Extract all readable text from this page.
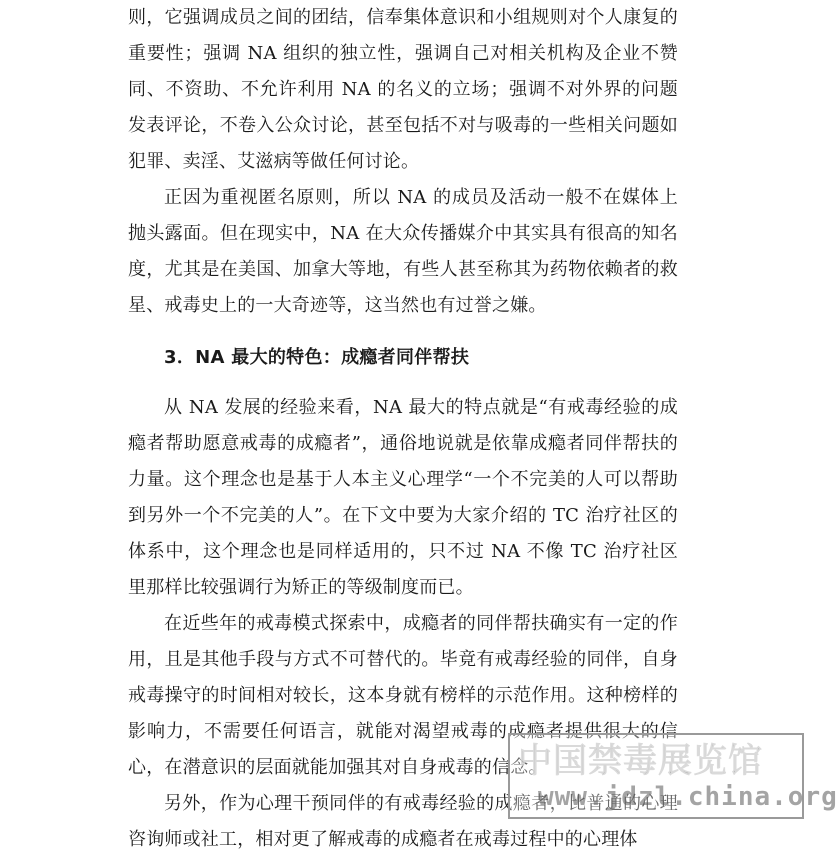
则，它强调成员之间的团结，信奉集体意识和小组规则对个人康复的重要性；强调 NA 组织的独立性，强调自己对相关机构及企业不赞同、不资助、不允许利用 NA 的名义的立场；强调不对外界的问题发表评论，不卷入公众讨论，甚至包括不对与吸毒的一些相关问题如犯罪、卖淫、艾滋病等做任何讨论。

正因为重视匿名原则，所以 NA 的成员及活动一般不在媒体上抛头露面。但在现实中，NA 在大众传播媒介中其实具有很高的知名度，尤其是在美国、加拿大等地，有些人甚至称其为药物依赖者的救星、戒毒史上的一大奇迹等，这当然也有过誉之嫌。

3．NA 最大的特色：成瘾者同伴帮扶

从 NA 发展的经验来看，NA 最大的特点就是“有戒毒经验的成瘾者帮助愿意戒毒的成瘾者”，通俗地说就是依靠成瘾者同伴帮扶的力量。这个理念也是基于人本主义心理学“一个不完美的人可以帮助到另外一个不完美的人”。在下文中要为大家介绍的 TC 治疗社区的体系中，这个理念也是同样适用的，只不过 NA 不像 TC 治疗社区里那样比较强调行为矫正的等级制度而已。

在近些年的戒毒模式探索中，成瘾者的同伴帮扶确实有一定的作用，且是其他手段与方式不可替代的。毕竟有戒毒经验的同伴，自身戒毒操守的时间相对较长，这本身就有榜样的示范作用。这种榜样的影响力，不需要任何语言，就能对渴望戒毒的成瘾者提供很大的信心，在潜意识的层面就能加强其对自身戒毒的信念。

另外，作为心理干预同伴的有戒毒经验的成瘾者，比普通的心理咨询师或社工，相对更了解戒毒的成瘾者在戒毒过程中的心理体

中国禁毒展览馆
www.jdzl.china.org
